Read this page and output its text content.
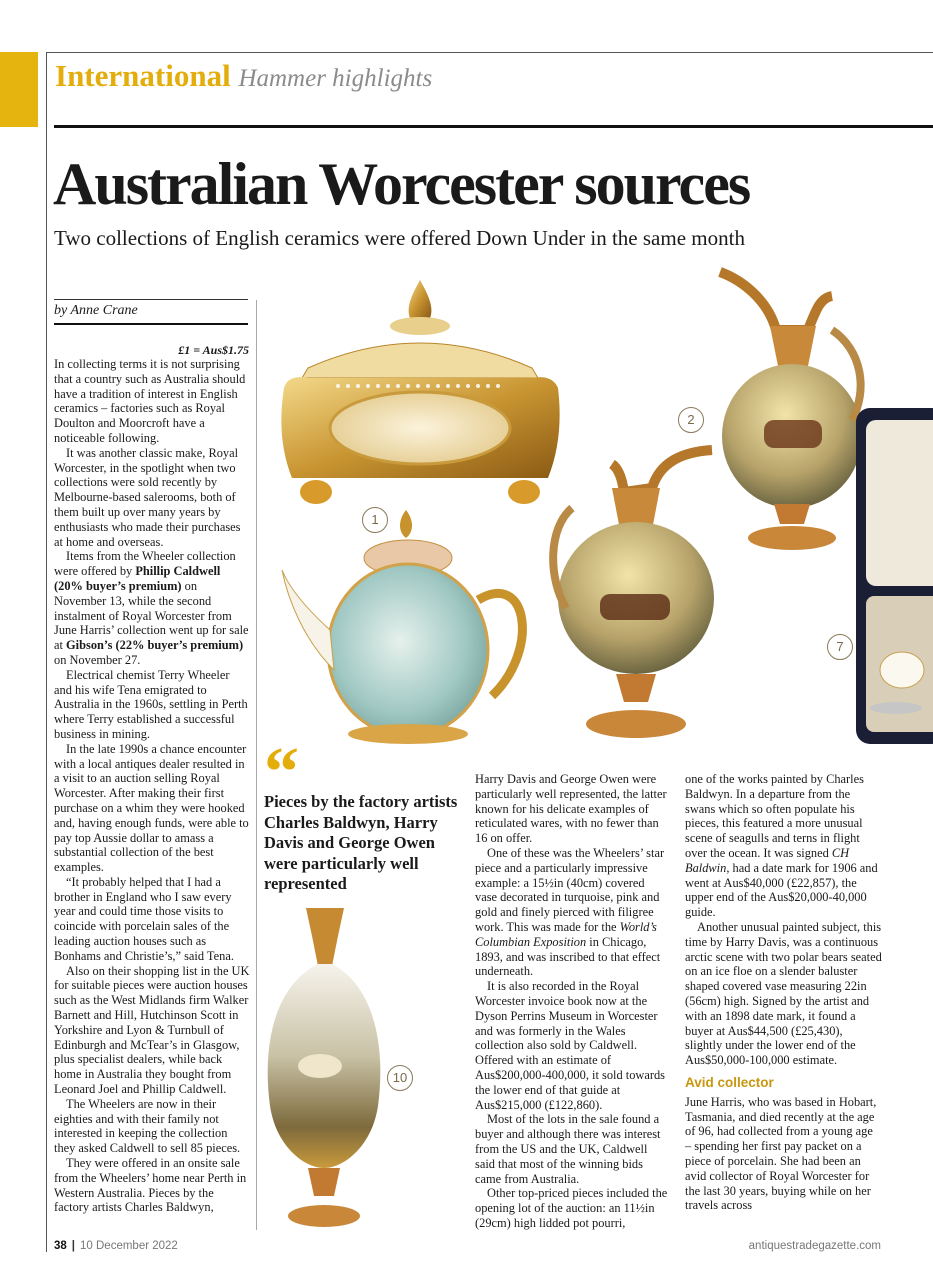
International Hammer highlights
Australian Worcester sources
Two collections of English ceramics were offered Down Under in the same month
by Anne Crane
£1 = Aus$1.75

In collecting terms it is not surprising that a country such as Australia should have a tradition of interest in English ceramics – factories such as Royal Doulton and Moorcroft have a noticeable following.

It was another classic make, Royal Worcester, in the spotlight when two collections were sold recently by Melbourne-based salerooms, both of them built up over many years by enthusiasts who made their purchases at home and overseas.

Items from the Wheeler collection were offered by Phillip Caldwell (20% buyer’s premium) on November 13, while the second instalment of Royal Worcester from June Harris’ collection went up for sale at Gibson’s (22% buyer’s premium) on November 27.

Electrical chemist Terry Wheeler and his wife Tena emigrated to Australia in the 1960s, settling in Perth where Terry established a successful business in mining.

In the late 1990s a chance encounter with a local antiques dealer resulted in a visit to an auction selling Royal Worcester. After making their first purchase on a whim they were hooked and, having enough funds, were able to pay top Aussie dollar to amass a substantial collection of the best examples.

“It probably helped that I had a brother in England who I saw every year and could time those visits to coincide with porcelain sales of the leading auction houses such as Bonhams and Christie’s,” said Tena.

Also on their shopping list in the UK for suitable pieces were auction houses such as the West Midlands firm Walker Barnett and Hill, Hutchinson Scott in Yorkshire and Lyon & Turnbull of Edinburgh and McTear’s in Glasgow, plus specialist dealers, while back home in Australia they bought from Leonard Joel and Phillip Caldwell.

The Wheelers are now in their eighties and with their family not interested in keeping the collection they asked Caldwell to sell 85 pieces.

They were offered in an onsite sale from the Wheelers’ home near Perth in Western Australia. Pieces by the factory artists Charles Baldwyn,

1
2
7
10
“
Pieces by the factory artists Charles Baldwyn, Harry Davis and George Owen were particularly well represented

Harry Davis and George Owen were particularly well represented, the latter known for his delicate examples of reticulated wares, with no fewer than 16 on offer.

One of these was the Wheelers’ star piece and a particularly impressive example: a 15½in (40cm) covered vase decorated in turquoise, pink and gold and finely pierced with filigree work. This was made for the World’s Columbian Exposition in Chicago, 1893, and was inscribed to that effect underneath.

It is also recorded in the Royal Worcester invoice book now at the Dyson Perrins Museum in Worcester and was formerly in the Wales collection also sold by Caldwell. Offered with an estimate of Aus$200,000-400,000, it sold towards the lower end of that guide at Aus$215,000 (£122,860).

Most of the lots in the sale found a buyer and although there was interest from the US and the UK, Caldwell said that most of the winning bids came from Australia.

Other top-priced pieces included the opening lot of the auction: an 11½in (29cm) high lidded pot pourri,

one of the works painted by Charles Baldwyn. In a departure from the swans which so often populate his pieces, this featured a more unusual scene of seagulls and terns in flight over the ocean. It was signed CH Baldwin, had a date mark for 1906 and went at Aus$40,000 (£22,857), the upper end of the Aus$20,000-40,000 guide.

Another unusual painted subject, this time by Harry Davis, was a continuous arctic scene with two polar bears seated on an ice floe on a slender baluster shaped covered vase measuring 22in (56cm) high. Signed by the artist and with an 1898 date mark, it found a buyer at Aus$44,500 (£25,430), slightly under the lower end of the Aus$50,000-100,000 estimate.

Avid collector

June Harris, who was based in Hobart, Tasmania, and died recently at the age of 96, had collected from a young age – spending her first pay packet on a piece of porcelain. She had been an avid collector of Royal Worcester for the last 30 years, buying while on her travels across

38 | 10 December 2022	antiquestradegazette.com
